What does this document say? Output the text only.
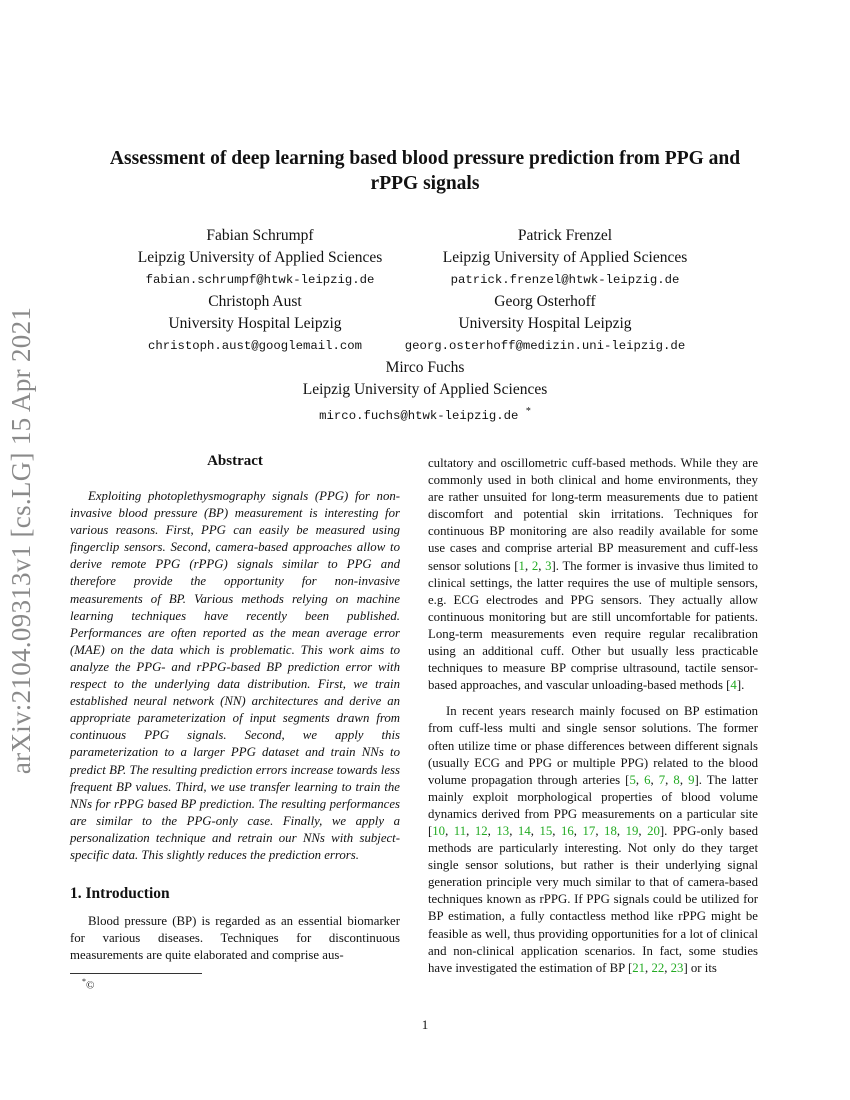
arXiv:2104.09313v1 [cs.LG] 15 Apr 2021
Assessment of deep learning based blood pressure prediction from PPG and
rPPG signals
Fabian Schrumpf
Leipzig University of Applied Sciences
fabian.schrumpf@htwk-leipzig.de
Patrick Frenzel
Leipzig University of Applied Sciences
patrick.frenzel@htwk-leipzig.de
Christoph Aust
University Hospital Leipzig
christoph.aust@googlemail.com
Georg Osterhoff
University Hospital Leipzig
georg.osterhoff@medizin.uni-leipzig.de
Mirco Fuchs
Leipzig University of Applied Sciences
mirco.fuchs@htwk-leipzig.de *
Abstract

Exploiting photoplethysmography signals (PPG) for non-invasive blood pressure (BP) measurement is interesting for various reasons. First, PPG can easily be measured using fingerclip sensors. Second, camera-based approaches allow to derive remote PPG (rPPG) signals similar to PPG and therefore provide the opportunity for non-invasive measurements of BP. Various methods relying on machine learning techniques have recently been published. Performances are often reported as the mean average error (MAE) on the data which is problematic. This work aims to analyze the PPG- and rPPG-based BP prediction error with respect to the underlying data distribution. First, we train established neural network (NN) architectures and derive an appropriate parameterization of input segments drawn from continuous PPG signals. Second, we apply this parameterization to a larger PPG dataset and train NNs to predict BP. The resulting prediction errors increase towards less frequent BP values. Third, we use transfer learning to train the NNs for rPPG based BP prediction. The resulting performances are similar to the PPG-only case. Finally, we apply a personalization technique and retrain our NNs with subject-specific data. This slightly reduces the prediction errors.

1. Introduction

Blood pressure (BP) is regarded as an essential biomarker for various diseases. Techniques for discontinuous measurements are quite elaborated and comprise aus-

*©

cultatory and oscillometric cuff-based methods. While they are commonly used in both clinical and home environments, they are rather unsuited for long-term measurements due to patient discomfort and potential skin irritations. Techniques for continuous BP monitoring are also readily available for some use cases and comprise arterial BP measurement and cuff-less sensor solutions [1, 2, 3]. The former is invasive thus limited to clinical settings, the latter requires the use of multiple sensors, e.g. ECG electrodes and PPG sensors. They actually allow continuous monitoring but are still uncomfortable for patients. Long-term measurements even require regular recalibration using an additional cuff. Other but usually less practicable techniques to measure BP comprise ultrasound, tactile sensor-based approaches, and vascular unloading-based methods [4].

In recent years research mainly focused on BP estimation from cuff-less multi and single sensor solutions. The former often utilize time or phase differences between different signals (usually ECG and PPG or multiple PPG) related to the blood volume propagation through arteries [5, 6, 7, 8, 9]. The latter mainly exploit morphological properties of blood volume dynamics derived from PPG measurements on a particular site [10, 11, 12, 13, 14, 15, 16, 17, 18, 19, 20]. PPG-only based methods are particularly interesting. Not only do they target single sensor solutions, but rather is their underlying signal generation principle very much similar to that of camera-based techniques known as rPPG. If PPG signals could be utilized for BP estimation, a fully contactless method like rPPG might be feasible as well, thus providing opportunities for a lot of clinical and non-clinical application scenarios. In fact, some studies have investigated the estimation of BP [21, 22, 23] or its

1
